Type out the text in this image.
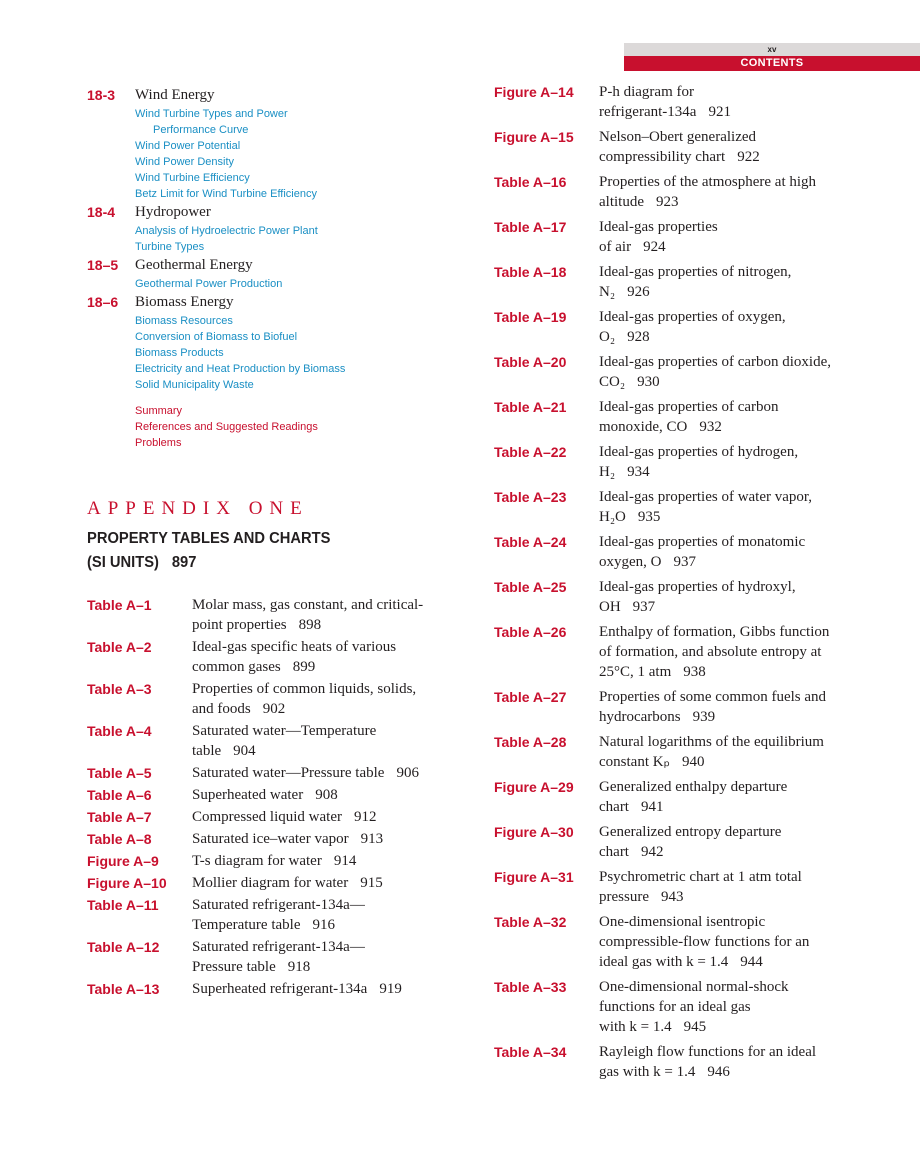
xv
CONTENTS
18-3 Wind Energy
Wind Turbine Types and Power
Performance Curve
Wind Power Potential
Wind Power Density
Wind Turbine Efficiency
Betz Limit for Wind Turbine Efficiency
18-4 Hydropower
Analysis of Hydroelectric Power Plant
Turbine Types
18–5 Geothermal Energy
Geothermal Power Production
18–6 Biomass Energy
Biomass Resources
Conversion of Biomass to Biofuel
Biomass Products
Electricity and Heat Production by Biomass
Solid Municipality Waste
Summary
References and Suggested Readings
Problems
APPENDIX ONE
PROPERTY TABLES AND CHARTS
(SI UNITS) 897
Table A–1	Molar mass, gas constant, and critical-
point properties 898
Table A–2	Ideal-gas specific heats of various
common gases 899
Table A–3	Properties of common liquids, solids,
and foods 902
Table A–4	Saturated water—Temperature
table 904
Table A–5	Saturated water—Pressure table 906
Table A–6	Superheated water 908
Table A–7	Compressed liquid water 912
Table A–8	Saturated ice–water vapor 913
Figure A–9	T-s diagram for water 914
Figure A–10	Mollier diagram for water 915
Table A–11	Saturated refrigerant-134a—
Temperature table 916
Table A–12	Saturated refrigerant-134a—
Pressure table 918
Table A–13	Superheated refrigerant-134a 919
Figure A–14	P-h diagram for
refrigerant-134a 921
Figure A–15	Nelson–Obert generalized
compressibility chart 922
Table A–16	Properties of the atmosphere at high
altitude 923
Table A–17	Ideal-gas properties
of air 924
Table A–18	Ideal-gas properties of nitrogen,
N₂ 926
Table A–19	Ideal-gas properties of oxygen,
O₂ 928
Table A–20	Ideal-gas properties of carbon dioxide,
CO₂ 930
Table A–21	Ideal-gas properties of carbon
monoxide, CO 932
Table A–22	Ideal-gas properties of hydrogen,
H₂ 934
Table A–23	Ideal-gas properties of water vapor,
H₂O 935
Table A–24	Ideal-gas properties of monatomic
oxygen, O 937
Table A–25	Ideal-gas properties of hydroxyl,
OH 937
Table A–26	Enthalpy of formation, Gibbs function
of formation, and absolute entropy at
25°C, 1 atm 938
Table A–27	Properties of some common fuels and
hydrocarbons 939
Table A–28	Natural logarithms of the equilibrium
constant Kₚ 940
Figure A–29	Generalized enthalpy departure
chart 941
Figure A–30	Generalized entropy departure
chart 942
Figure A–31	Psychrometric chart at 1 atm total
pressure 943
Table A–32	One-dimensional isentropic
compressible-flow functions for an
ideal gas with k = 1.4 944
Table A–33	One-dimensional normal-shock
functions for an ideal gas
with k = 1.4 945
Table A–34	Rayleigh flow functions for an ideal
gas with k = 1.4 946
